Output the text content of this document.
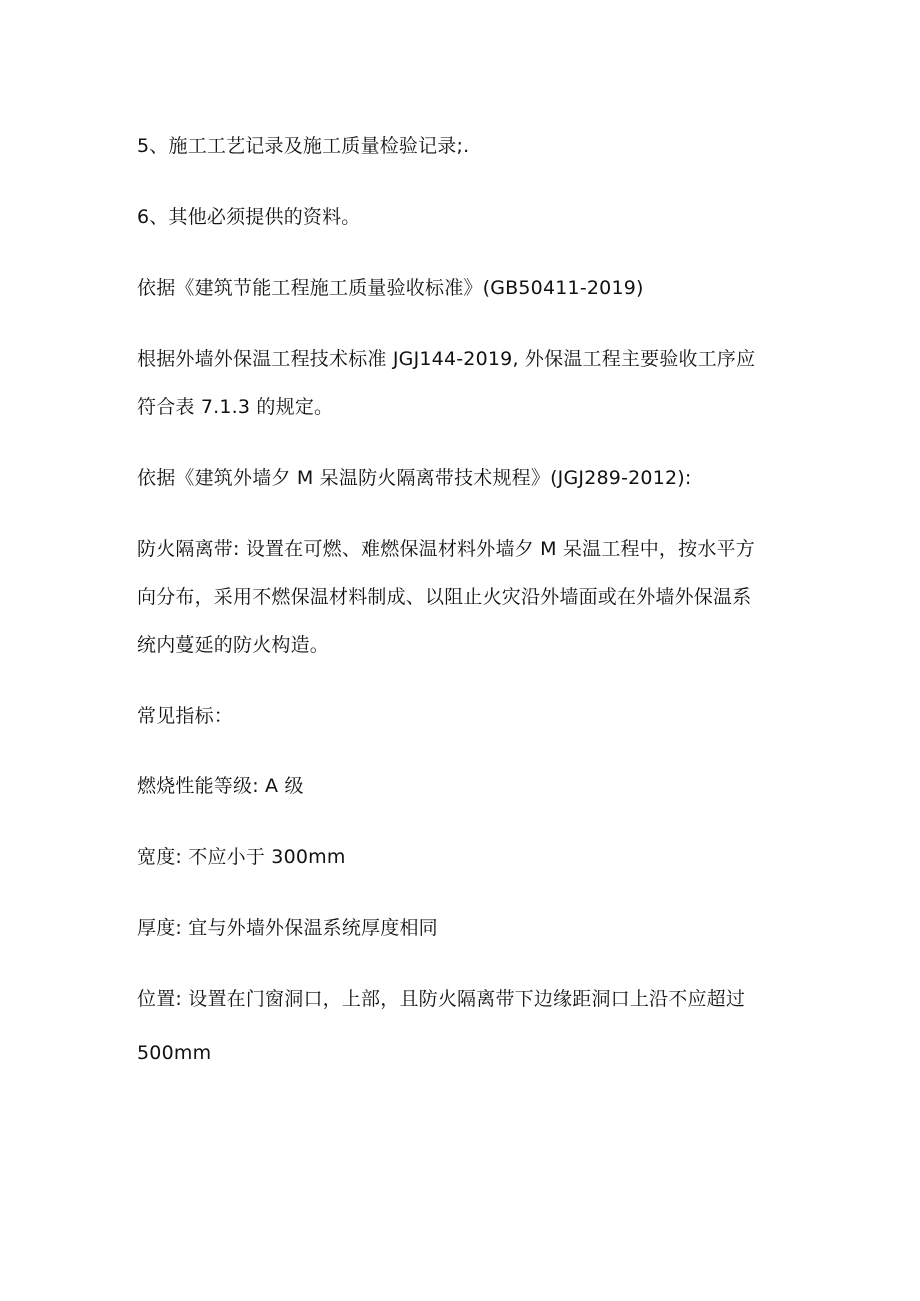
5、施工工艺记录及施工质量检验记录;.
6、其他必须提供的资料。
依据《建筑节能工程施工质量验收标准》(GB50411-2019)
根据外墙外保温工程技术标准 JGJ144-2019, 外保温工程主要验收工序应
符合表 7.1.3 的规定。
依据《建筑外墙夕 M 呆温防火隔离带技术规程》(JGJ289-2012):
防火隔离带: 设置在可燃、难燃保温材料外墙夕 M 呆温工程中，按水平方
向分布，采用不燃保温材料制成、以阻止火灾沿外墙面或在外墙外保温系
统内蔓延的防火构造。
常见指标：
燃烧性能等级: A 级
宽度: 不应小于 300mm
厚度: 宜与外墙外保温系统厚度相同
位置: 设置在门窗洞口，上部，且防火隔离带下边缘距洞口上沿不应超过
500mm
